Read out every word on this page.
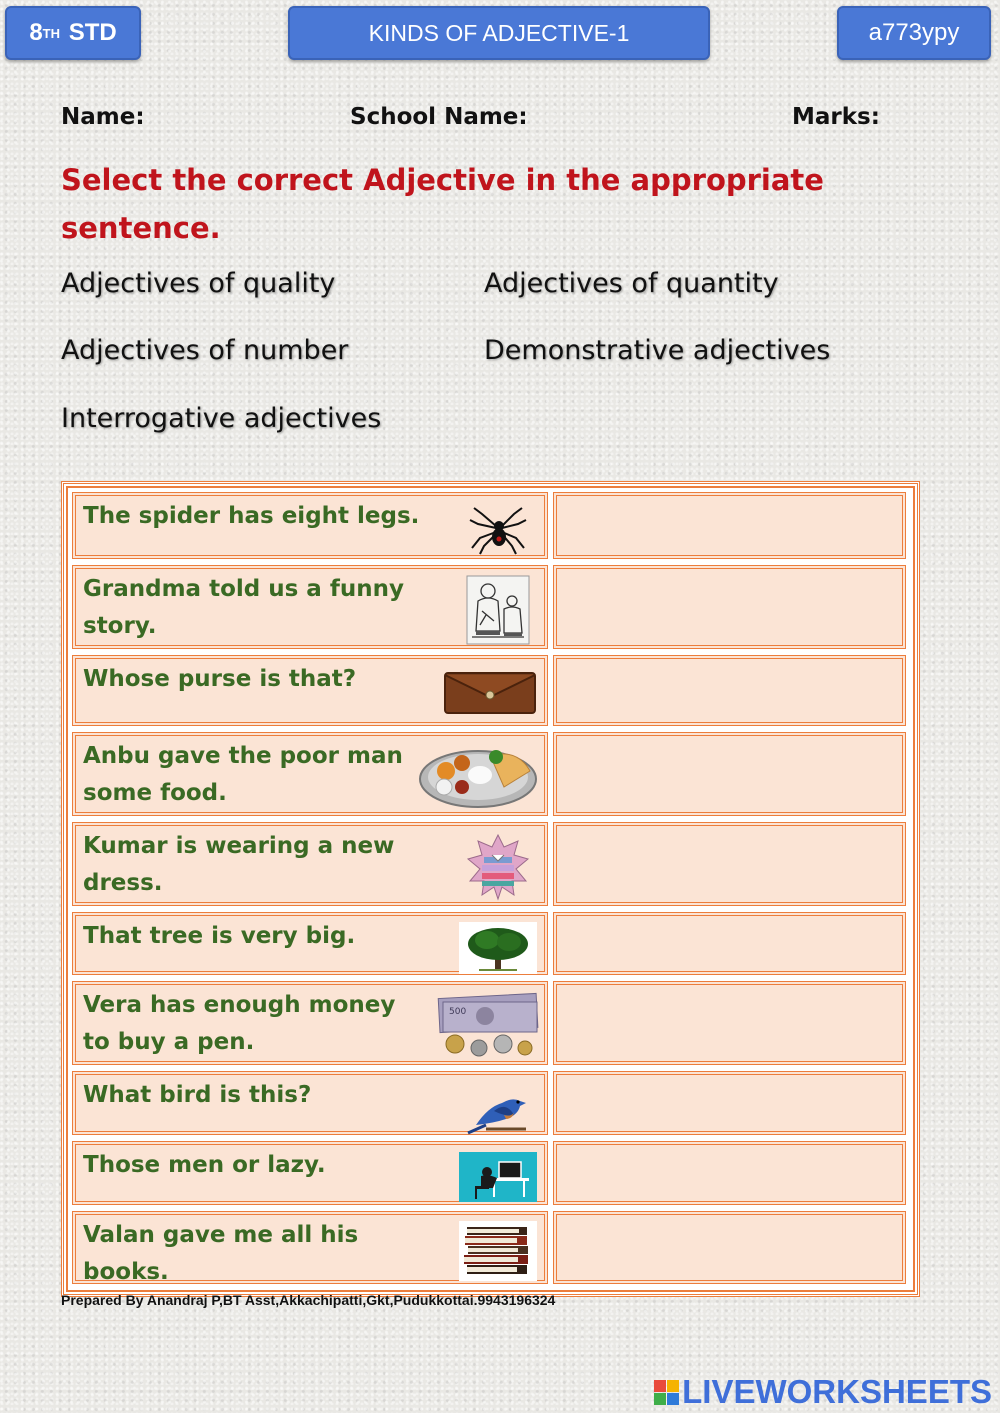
8 TH
STD	KINDS OF ADJECTIVE-1	a773ypy
Name:	School Name:	Marks:

Select the correct Adjective in the appropriate sentence.

Adjectives of quality	Adjectives of quantity
Adjectives of number	Demonstrative adjectives
Interrogative adjectives
The spider has eight legs.
Grandma told us a funny story.
Whose purse is that?
Anbu gave the poor man some food.
Kumar is wearing a new dress.
That tree is very big.
Vera has enough money to buy a pen.
500
What bird is this?
Those men or lazy.
Valan gave me all his books.
Prepared By Anandraj P,BT Asst,Akkachipatti,Gkt,Pudukkottai.9943196324
LIVEWORKSHEETS
